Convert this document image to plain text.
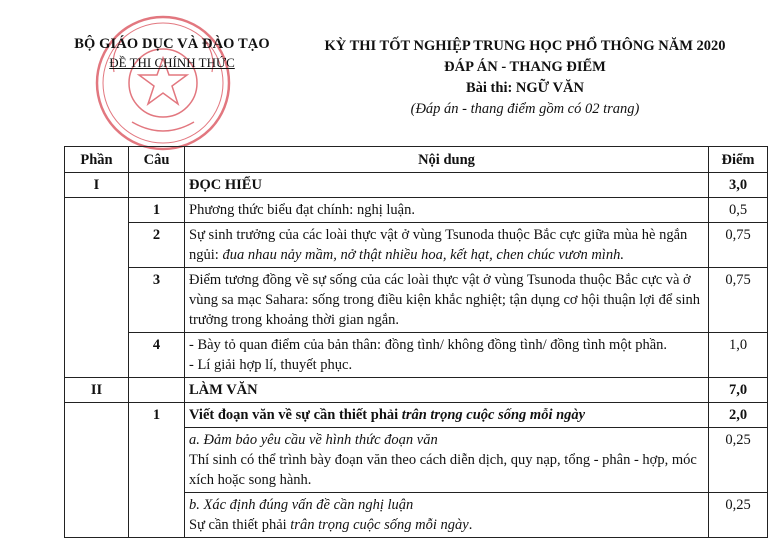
BỘ GIÁO DỤC VÀ ĐÀO TẠO
ĐỀ THI CHÍNH THỨC
KỲ THI TỐT NGHIỆP TRUNG HỌC PHỔ THÔNG NĂM 2020
ĐÁP ÁN - THANG ĐIỂM
Bài thi: NGỮ VĂN
(Đáp án - thang điểm gồm có 02 trang)
Phần	Câu	Nội dung	Điểm
I		ĐỌC HIỂU	3,0
	1	Phương thức biểu đạt chính: nghị luận.	0,5
	2	Sự sinh trưởng của các loài thực vật ở vùng Tsunoda thuộc Bắc cực giữa mùa hè ngắn ngủi: đua nhau nảy mầm, nở thật nhiều hoa, kết hạt, chen chúc vươn mình.	0,75
	3	Điểm tương đồng về sự sống của các loài thực vật ở vùng Tsunoda thuộc Bắc cực và ở vùng sa mạc Sahara: sống trong điều kiện khắc nghiệt; tận dụng cơ hội thuận lợi để sinh trưởng trong khoảng thời gian ngắn.	0,75
	4	- Bày tỏ quan điểm của bản thân: đồng tình/ không đồng tình/ đồng tình một phần.
- Lí giải hợp lí, thuyết phục.	1,0
II		LÀM VĂN	7,0
	1	Viết đoạn văn về sự cần thiết phải trân trọng cuộc sống mỗi ngày	2,0

		a. Đảm bảo yêu cầu về hình thức đoạn văn
Thí sinh có thể trình bày đoạn văn theo cách diễn dịch, quy nạp, tổng - phân - hợp, móc xích hoặc song hành.	0,25

		b. Xác định đúng vấn đề cần nghị luận
Sự cần thiết phải trân trọng cuộc sống mỗi ngày.	0,25
